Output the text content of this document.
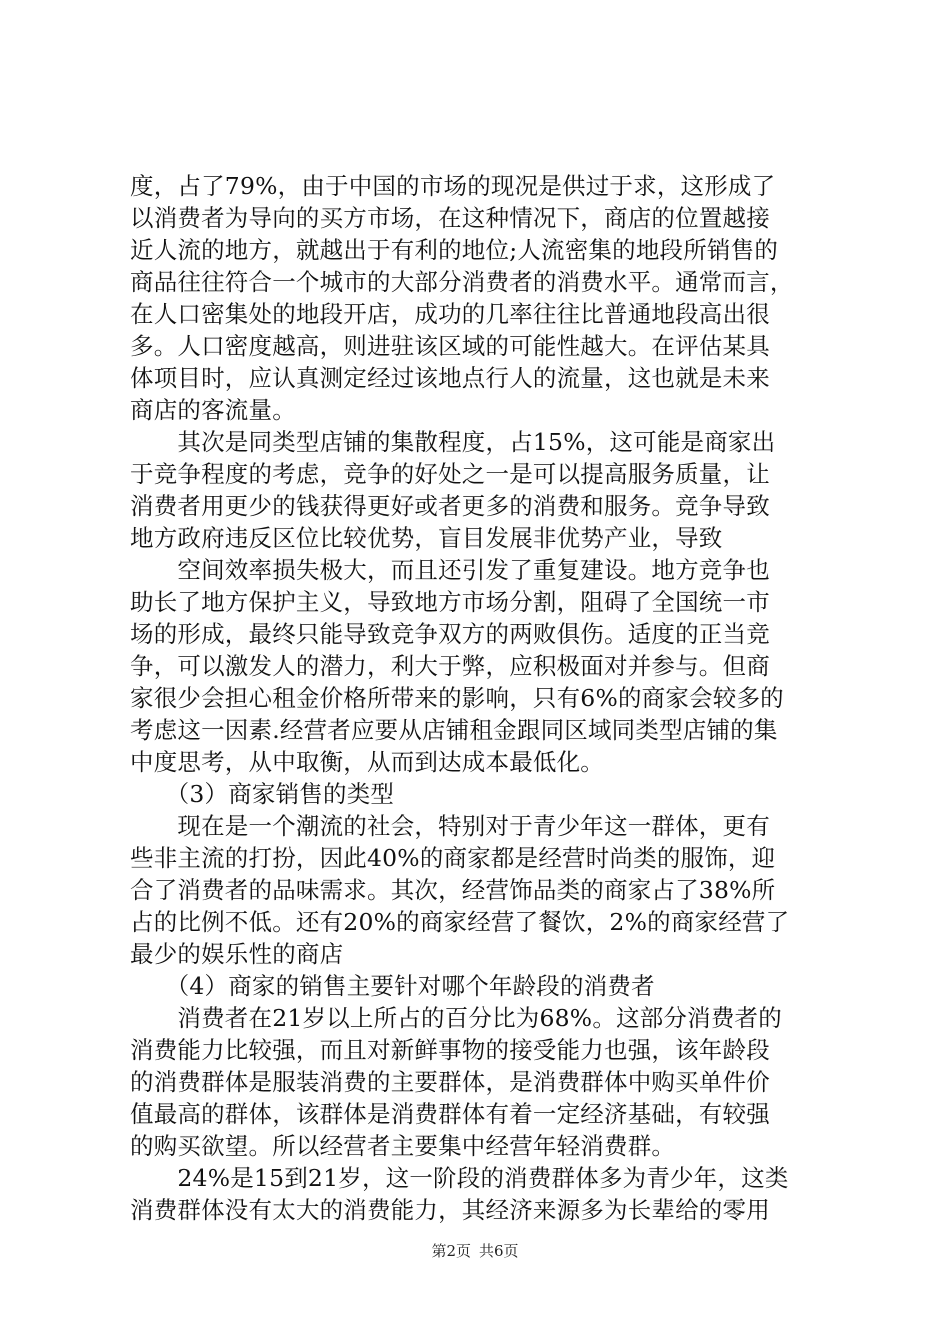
度，占了79%，由于中国的市场的现况是供过于求，这形成了
以消费者为导向的买方市场，在这种情况下，商店的位置越接
近人流的地方，就越出于有利的地位;人流密集的地段所销售的
商品往往符合一个城市的大部分消费者的消费水平。通常而言，
在人口密集处的地段开店，成功的几率往往比普通地段高出很
多。人口密度越高，则进驻该区域的可能性越大。在评估某具
体项目时，应认真测定经过该地点行人的流量，这也就是未来
商店的客流量。
　　其次是同类型店铺的集散程度，占15%，这可能是商家出
于竞争程度的考虑，竞争的好处之一是可以提高服务质量，让
消费者用更少的钱获得更好或者更多的消费和服务。竞争导致
地方政府违反区位比较优势，盲目发展非优势产业，导致
　　空间效率损失极大，而且还引发了重复建设。地方竞争也
助长了地方保护主义，导致地方市场分割，阻碍了全国统一市
场的形成，最终只能导致竞争双方的两败俱伤。适度的正当竞
争，可以激发人的潜力，利大于弊，应积极面对并参与。但商
家很少会担心租金价格所带来的影响，只有6%的商家会较多的
考虑这一因素.经营者应要从店铺租金跟同区域同类型店铺的集
中度思考，从中取衡，从而到达成本最低化。
　　（3）商家销售的类型
　　现在是一个潮流的社会，特别对于青少年这一群体，更有
些非主流的打扮，因此40%的商家都是经营时尚类的服饰，迎
合了消费者的品味需求。其次，经营饰品类的商家占了38%所
占的比例不低。还有20%的商家经营了餐饮，2%的商家经营了
最少的娱乐性的商店
　　（4）商家的销售主要针对哪个年龄段的消费者
　　消费者在21岁以上所占的百分比为68%。这部分消费者的
消费能力比较强，而且对新鲜事物的接受能力也强，该年龄段
的消费群体是服装消费的主要群体，是消费群体中购买单件价
值最高的群体，该群体是消费群体有着一定经济基础，有较强
的购买欲望。所以经营者主要集中经营年轻消费群。
　　24%是15到21岁，这一阶段的消费群体多为青少年，这类
消费群体没有太大的消费能力，其经济来源多为长辈给的零用
第2页 共6页
